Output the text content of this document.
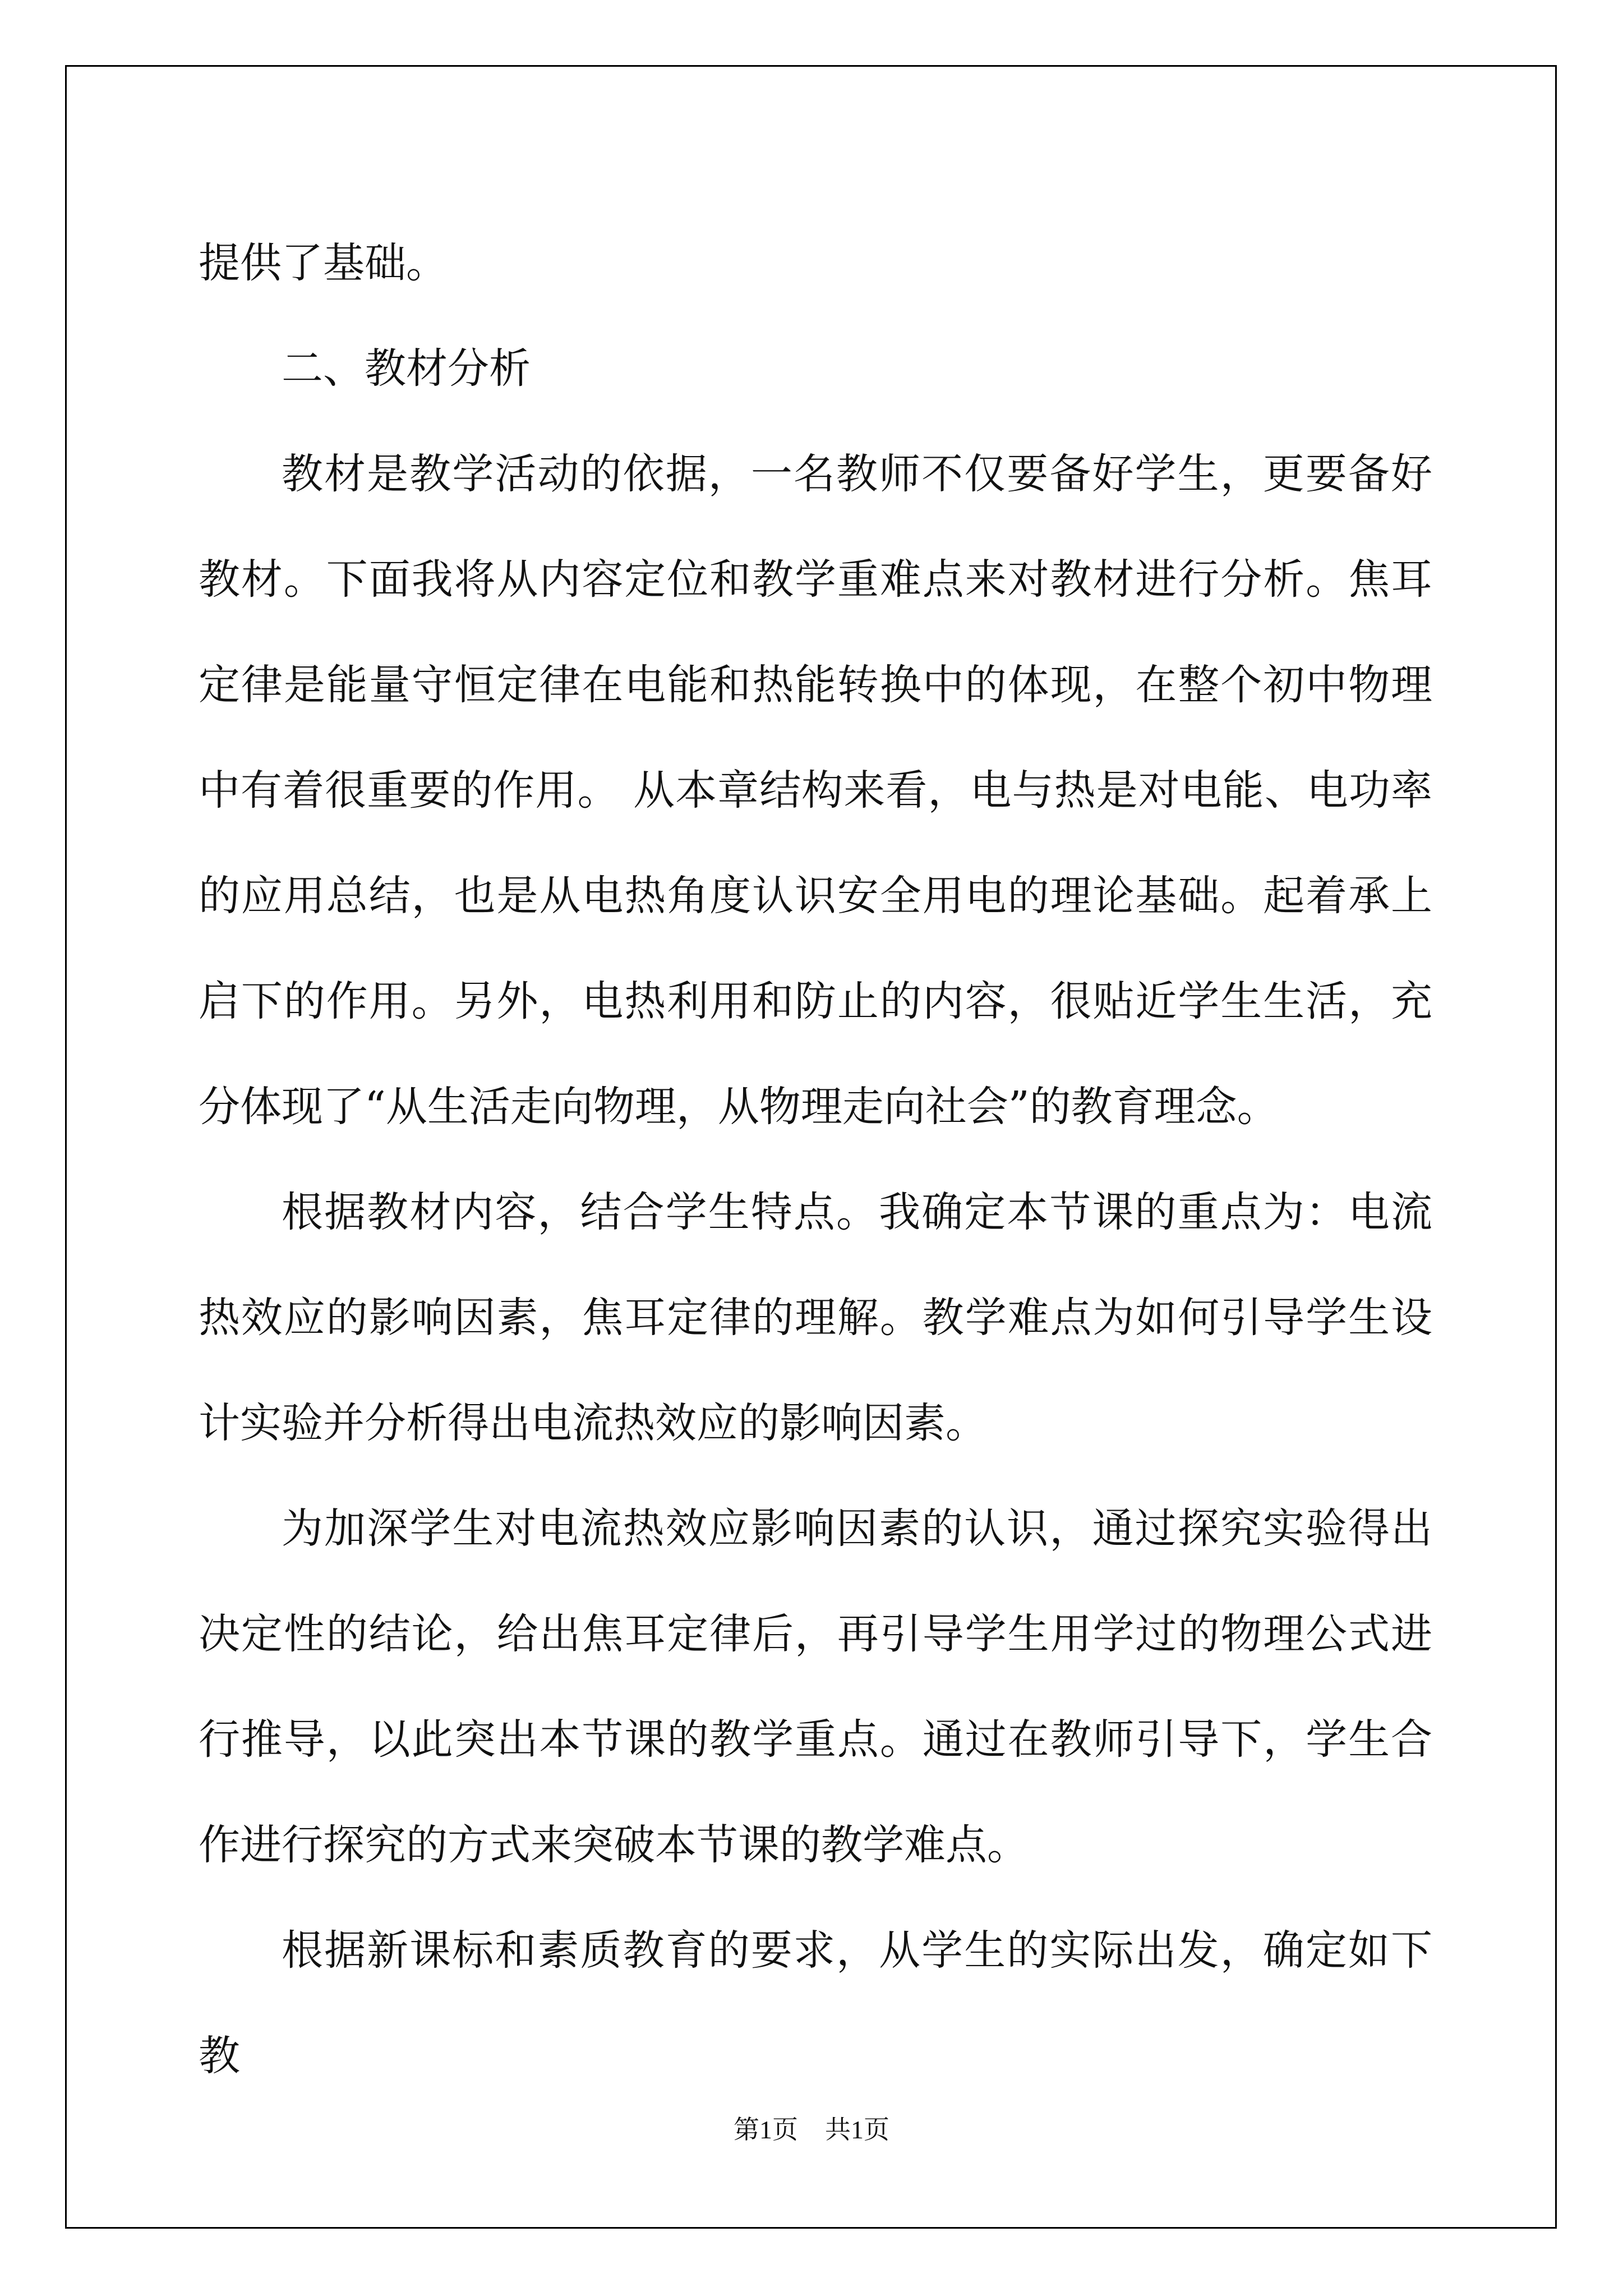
提供了基础。

二、教材分析

教材是教学活动的依据，一名教师不仅要备好学生，更要备好教材。下面我将从内容定位和教学重难点来对教材进行分析。焦耳定律是能量守恒定律在电能和热能转换中的体现，在整个初中物理中有着很重要的作用。 从本章结构来看，电与热是对电能、电功率的应用总结，也是从电热角度认识安全用电的理论基础。起着承上启下的作用。另外，电热利用和防止的内容，很贴近学生生活，充分体现了“从生活走向物理，从物理走向社会”的教育理念。

根据教材内容，结合学生特点。我确定本节课的重点为：电流热效应的影响因素，焦耳定律的理解。教学难点为如何引导学生设计实验并分析得出电流热效应的影响因素。

为加深学生对电流热效应影响因素的认识，通过探究实验得出决定性的结论，给出焦耳定律后，再引导学生用学过的物理公式进行推导，以此突出本节课的教学重点。通过在教师引导下，学生合作进行探究的方式来突破本节课的教学难点。

根据新课标和素质教育的要求，从学生的实际出发，确定如下教

第1页 共1页
